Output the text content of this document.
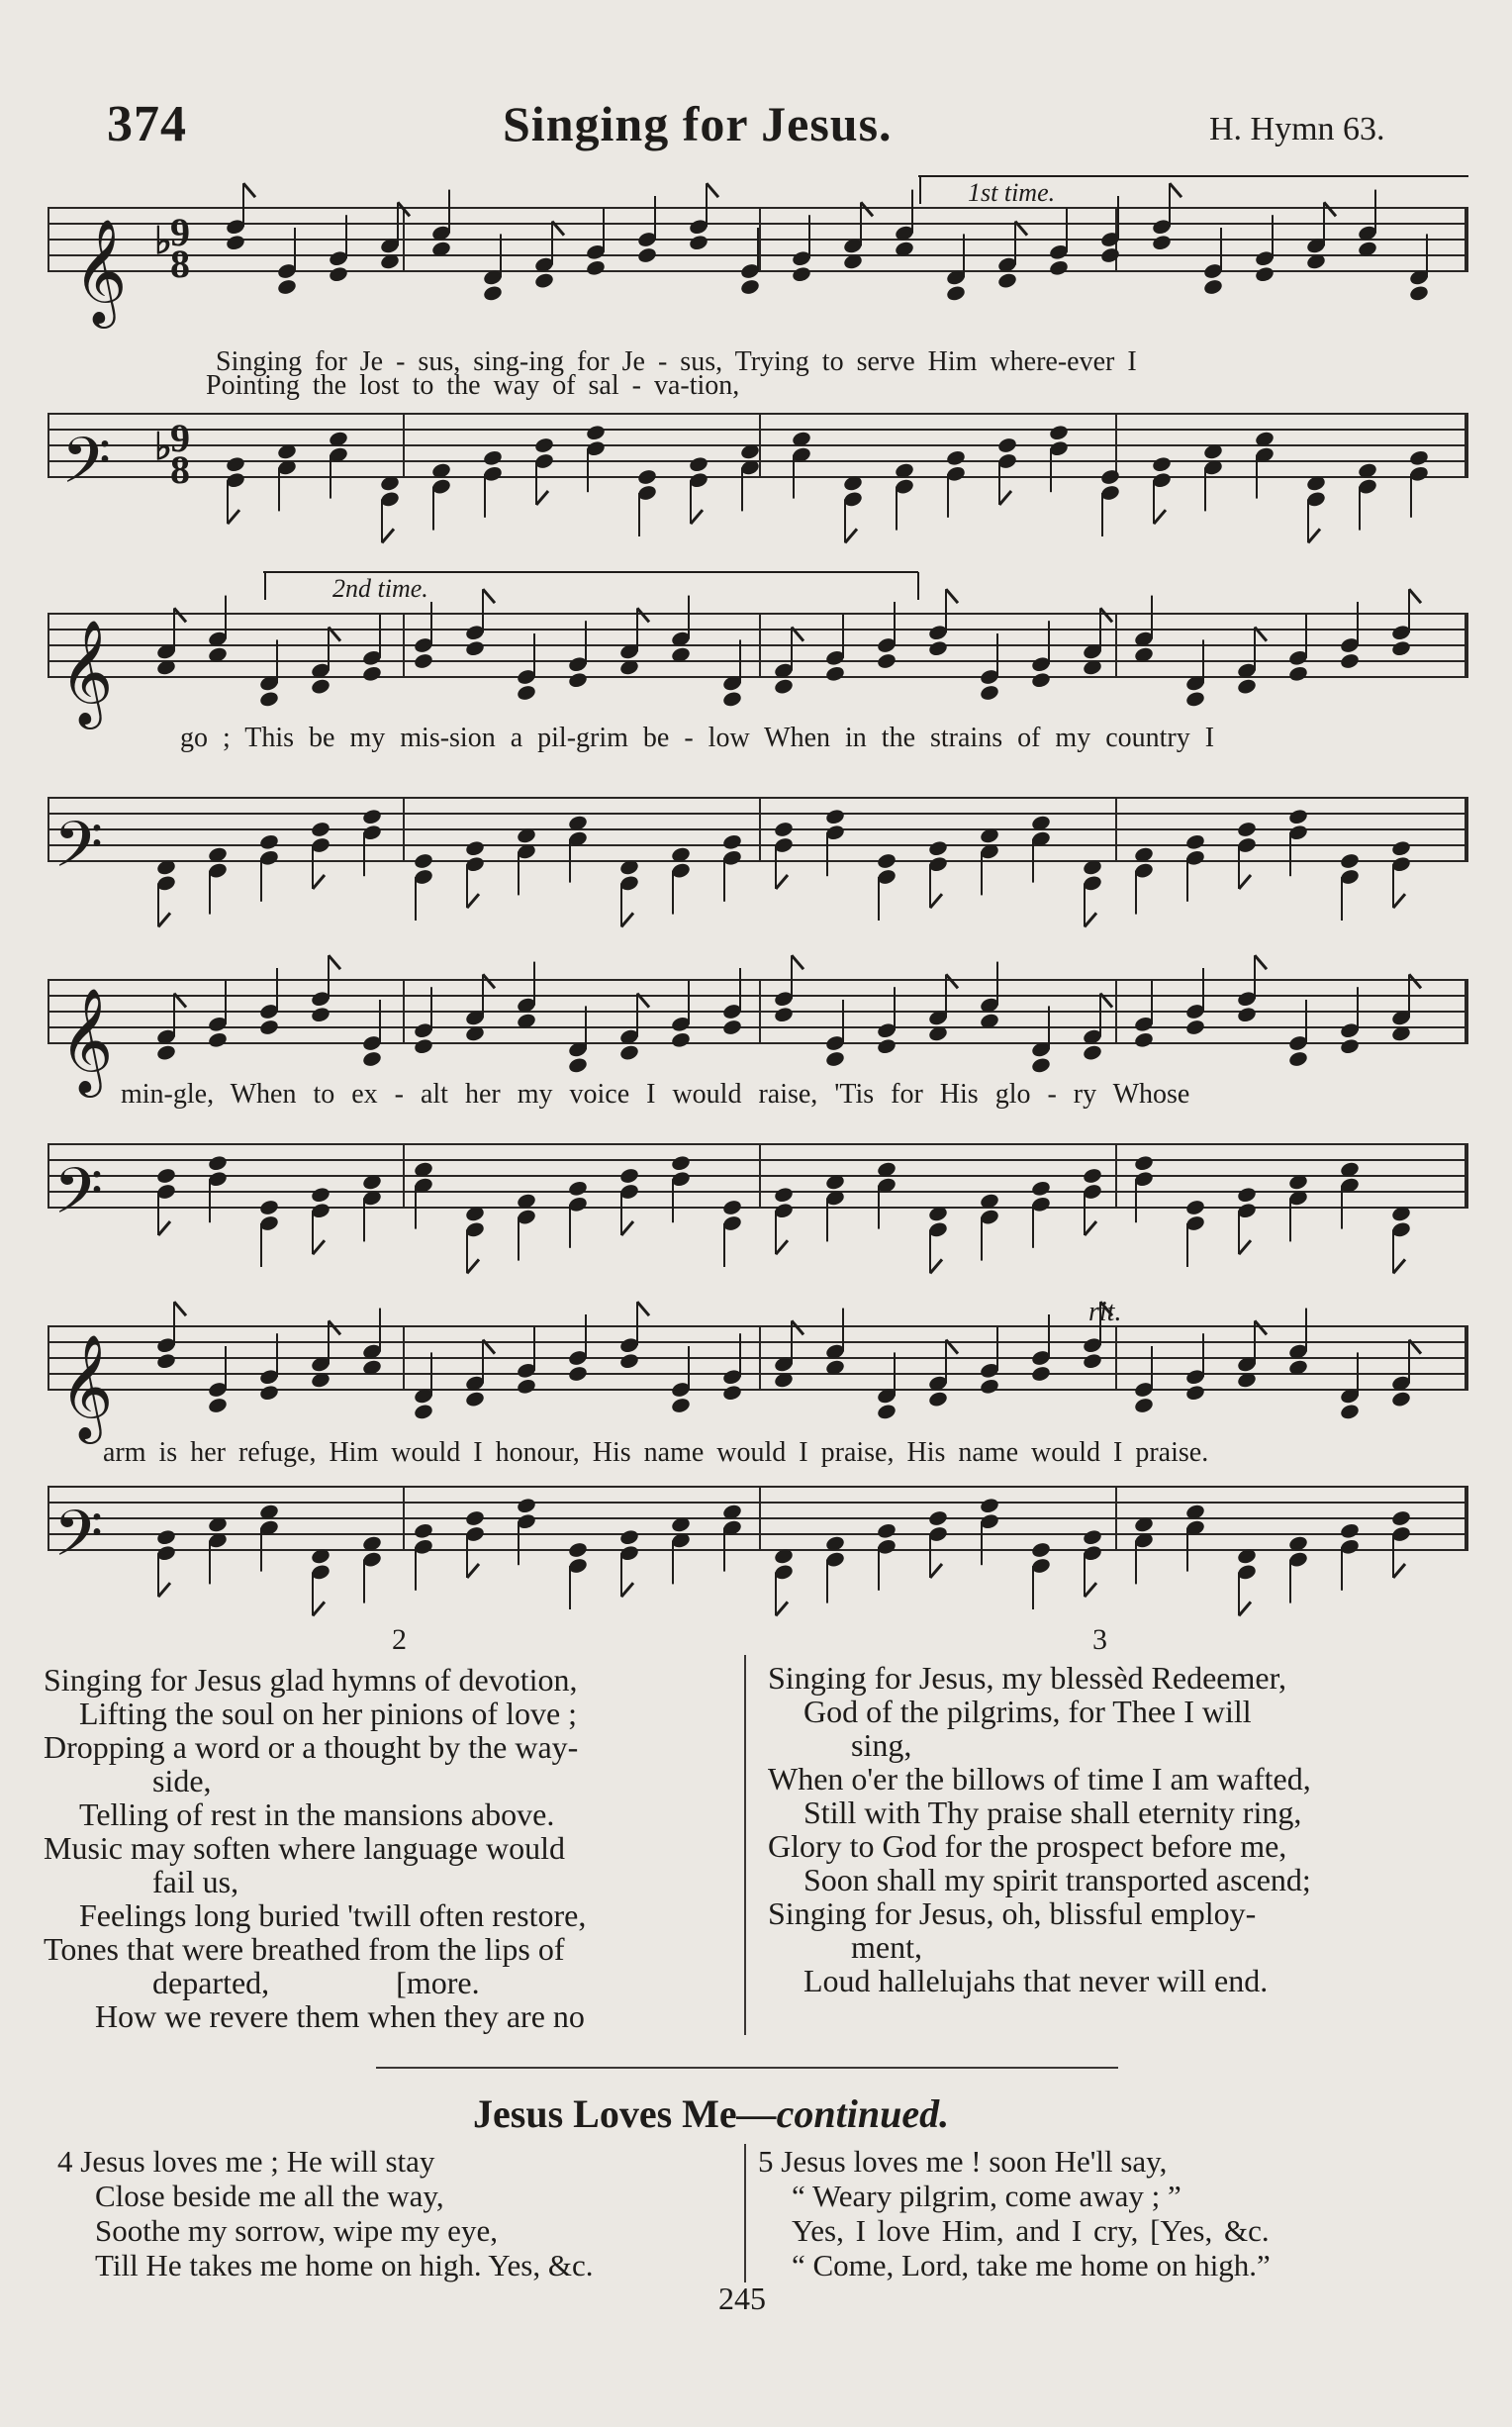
374	Singing for Jesus.	H. Hymn 63.
𝄞
𝄢
♭
9
8
♭
9
8
1st time.
Singing for Je - sus, sing-ing for Je - sus, Trying to serve Him where-ever I
Pointing the lost to the way of sal - va-tion,
𝄞
𝄢
2nd time.
go ; This be my mis-sion a pil-grim be - low When in the strains of my country I
𝄞
𝄢
min-gle, When to ex - alt her my voice I would raise, 'Tis for His glo - ry Whose
𝄞
𝄢
rit.
arm is her refuge, Him would I honour, His name would I praise, His name would I praise.
2	3
Singing for Jesus glad hymns of devotion,
Lifting the soul on her pinions of love ;
Dropping a word or a thought by the way-
side,
Telling of rest in the mansions above.
Music may soften where language would
fail us,
Feelings long buried 'twill often restore,
Tones that were breathed from the lips of
departed, [more.
How we revere them when they are no
Singing for Jesus, my blessèd Redeemer,
God of the pilgrims, for Thee I will
sing,
When o'er the billows of time I am wafted,
Still with Thy praise shall eternity ring,
Glory to God for the prospect before me,
Soon shall my spirit transported ascend;
Singing for Jesus, oh, blissful employ-
ment,
Loud hallelujahs that never will end.
Jesus Loves Me—continued.
4 Jesus loves me ; He will stay
Close beside me all the way,
Soothe my sorrow, wipe my eye,
Till He takes me home on high. Yes, &c.
5 Jesus loves me ! soon He'll say,
“ Weary pilgrim, come away ; ”
Yes, I love Him, and I cry, [Yes, &c.
“ Come, Lord, take me home on high.”
245
